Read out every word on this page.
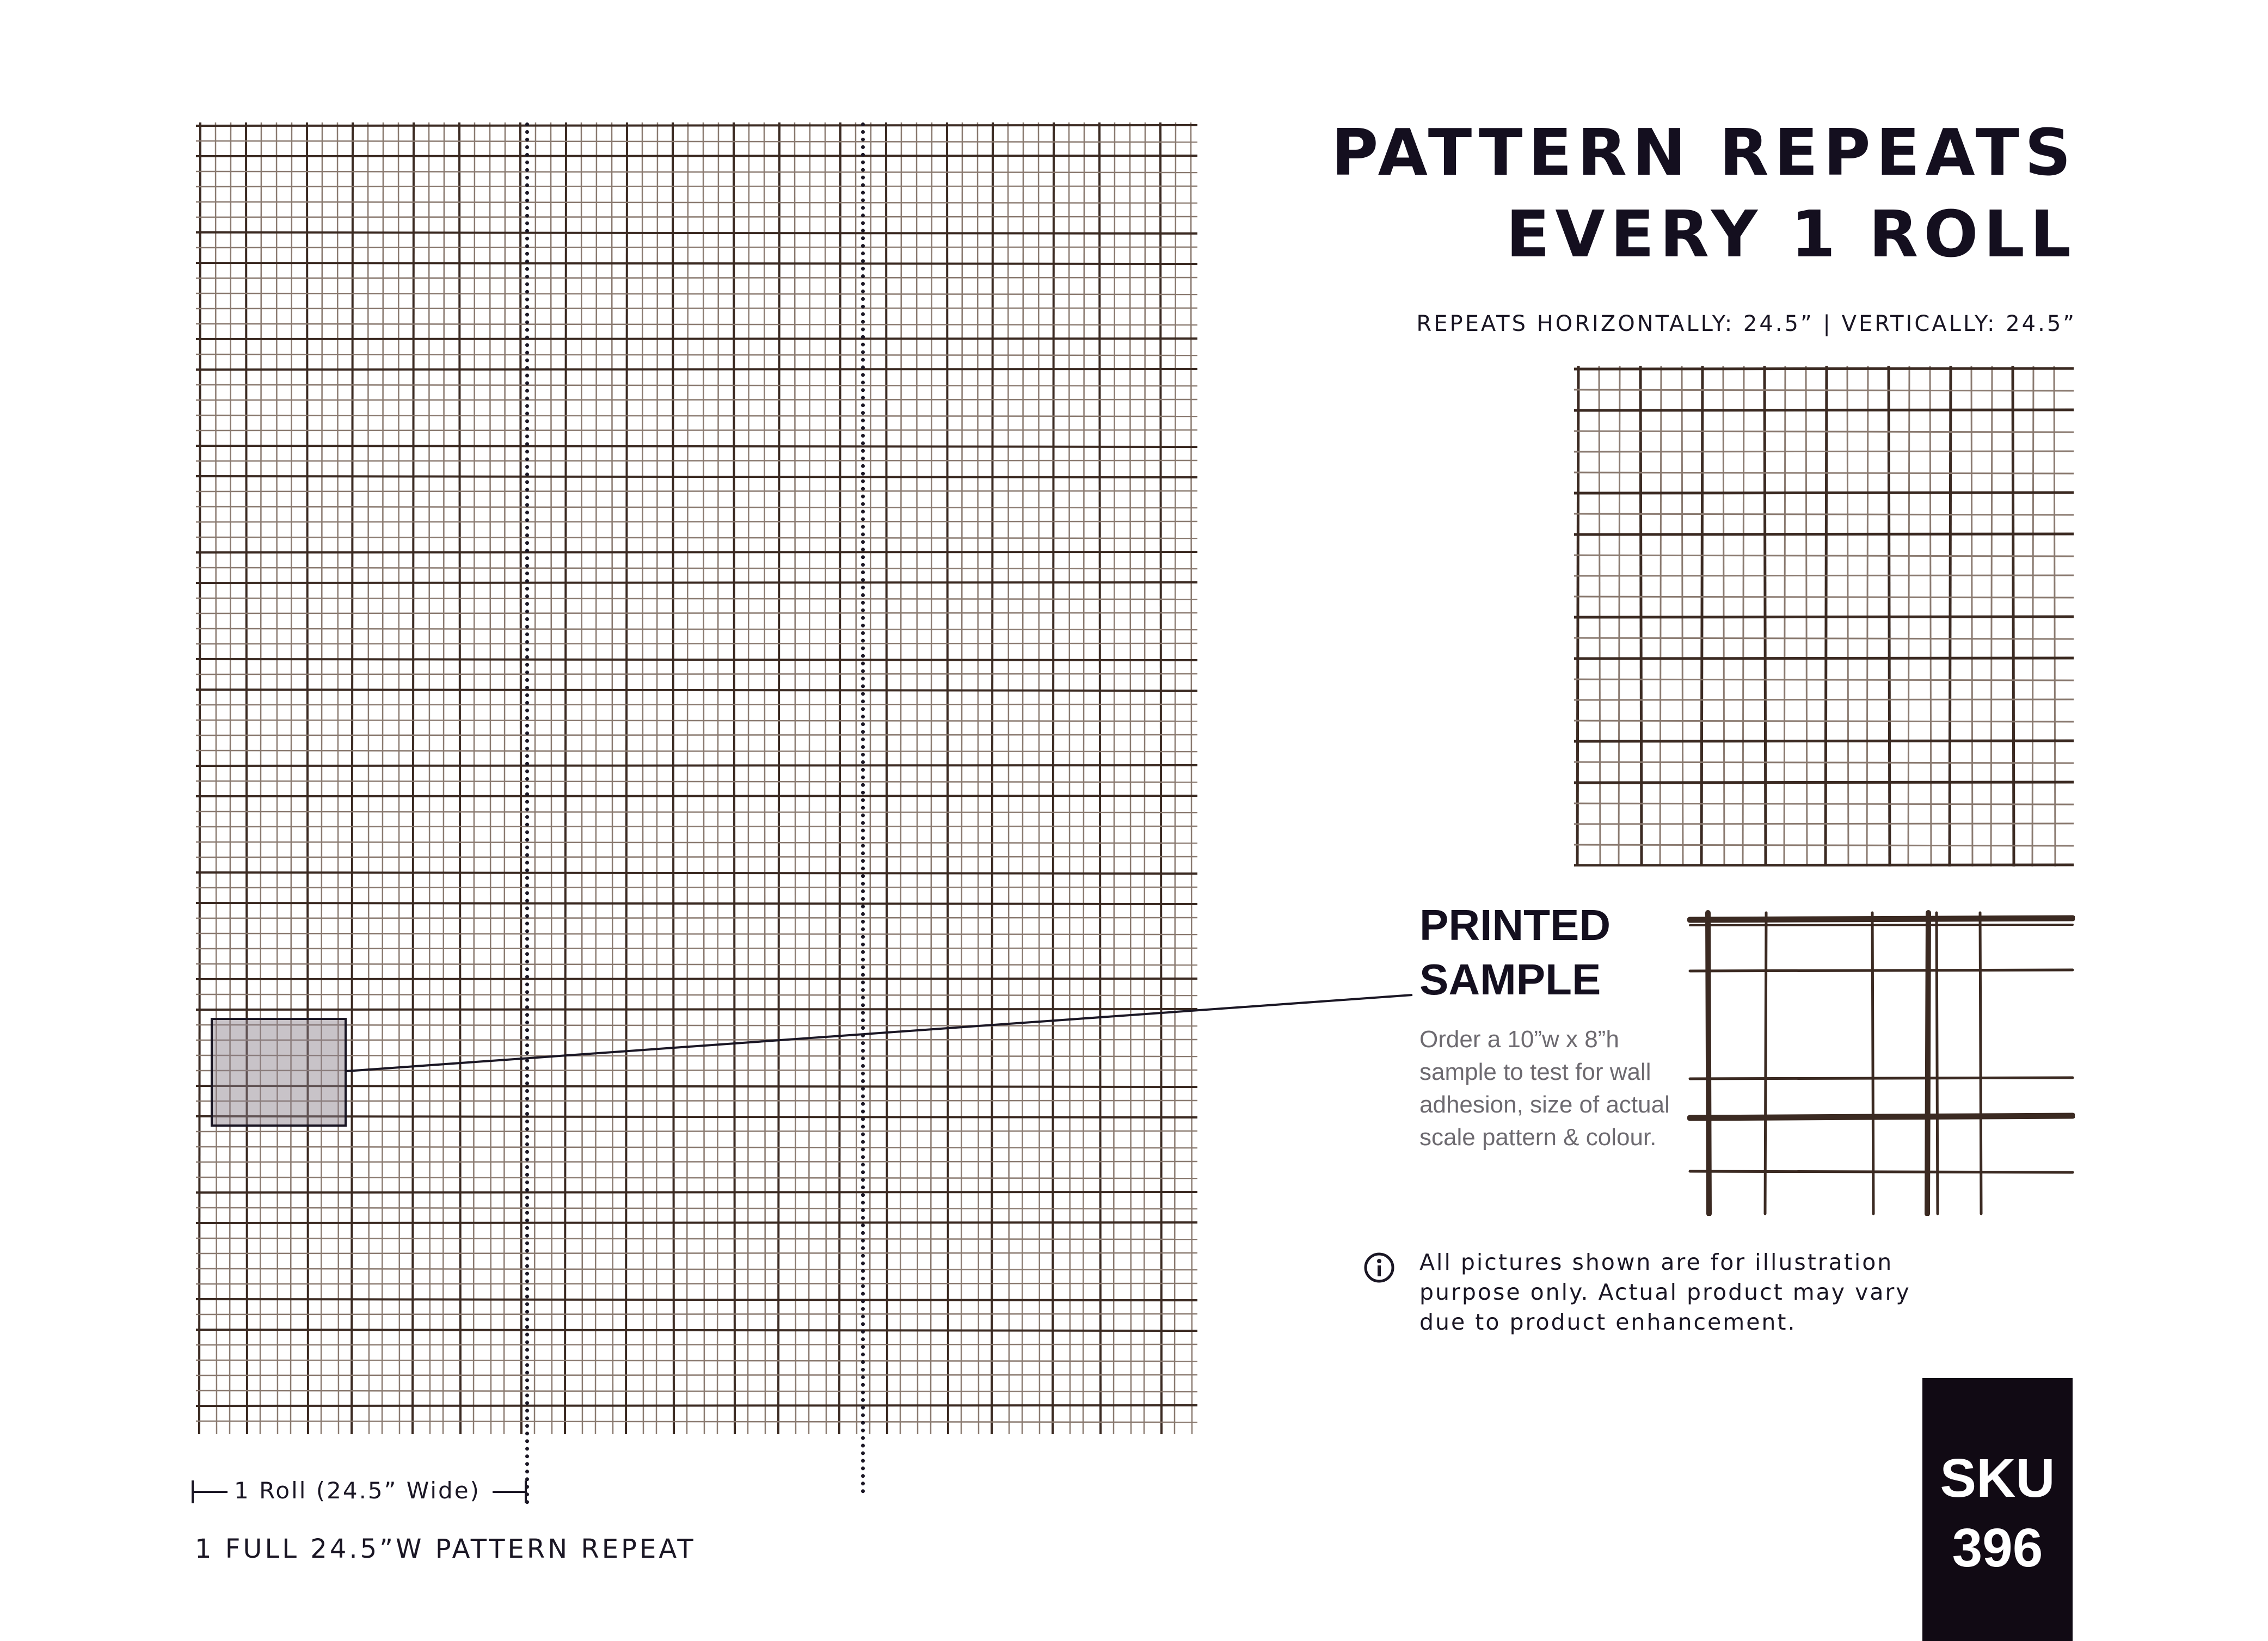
PATTERN REPEATS
EVERY 1 ROLL
REPEATS HORIZONTALLY: 24.5” | VERTICALLY: 24.5”
PRINTED
SAMPLE
Order a 10”w x 8”h sample to test for wall adhesion, size of actual scale pattern & colour.
All pictures shown are for illustration purpose only. Actual product may vary due to product enhancement.
SKU
396
1 Roll (24.5” Wide)
1 FULL 24.5”W PATTERN REPEAT
